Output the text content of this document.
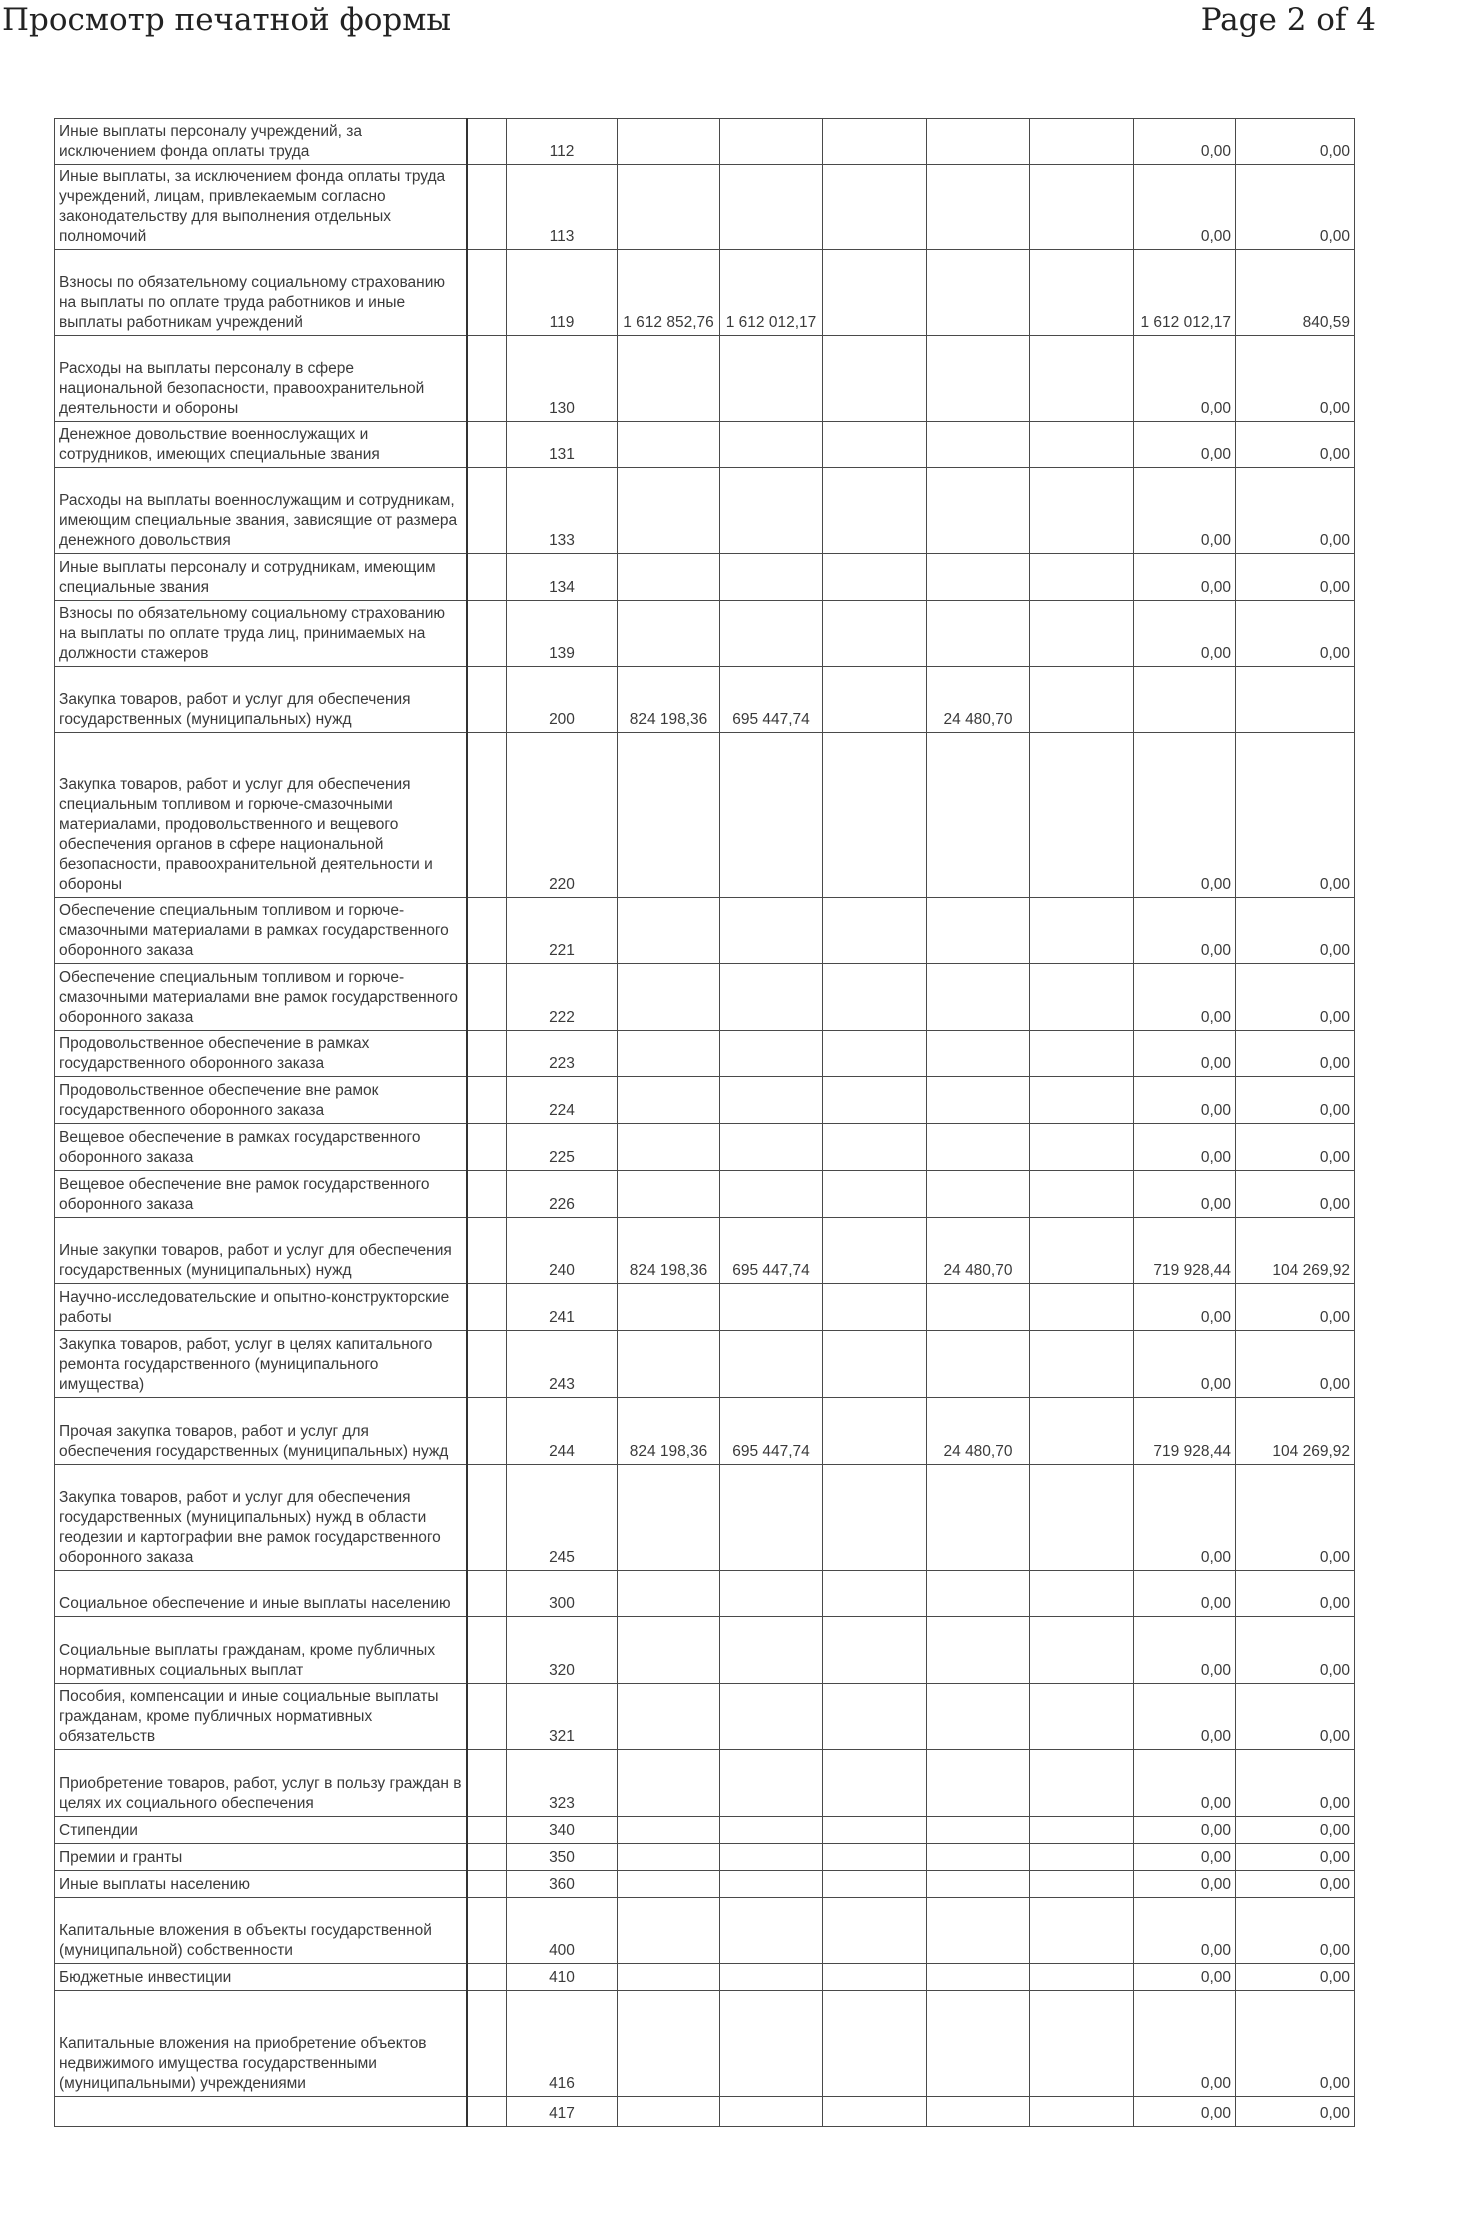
Просмотр печатной формы	Page 2 of 4
Иные выплаты персоналу учреждений, за исключением фонда оплаты труда		112						0,00	0,00
Иные выплаты, за исключением фонда оплаты труда учреждений, лицам, привлекаемым согласно законодательству для выполнения отдельных полномочий		113						0,00	0,00
Взносы по обязательному социальному страхованию на выплаты по оплате труда работников и иные выплаты работникам учреждений		119	1 612 852,76	1 612 012,17				1 612 012,17	840,59
Расходы на выплаты персоналу в сфере национальной безопасности, правоохранительной деятельности и обороны		130						0,00	0,00
Денежное довольствие военнослужащих и сотрудников, имеющих специальные звания		131						0,00	0,00
Расходы на выплаты военнослужащим и сотрудникам, имеющим специальные звания, зависящие от размера денежного довольствия		133						0,00	0,00
Иные выплаты персоналу и сотрудникам, имеющим специальные звания		134						0,00	0,00
Взносы по обязательному социальному страхованию на выплаты по оплате труда лиц, принимаемых на должности стажеров		139						0,00	0,00
Закупка товаров, работ и услуг для обеспечения государственных (муниципальных) нужд		200	824 198,36	695 447,74		24 480,70			
Закупка товаров, работ и услуг для обеспечения специальным топливом и горюче-смазочными материалами, продовольственного и вещевого обеспечения органов в сфере национальной безопасности, правоохранительной деятельности и обороны		220						0,00	0,00
Обеспечение специальным топливом и горюче-смазочными материалами в рамках государственного оборонного заказа		221						0,00	0,00
Обеспечение специальным топливом и горюче-смазочными материалами вне рамок государственного оборонного заказа		222						0,00	0,00
Продовольственное обеспечение в рамках государственного оборонного заказа		223						0,00	0,00
Продовольственное обеспечение вне рамок государственного оборонного заказа		224						0,00	0,00
Вещевое обеспечение в рамках государственного оборонного заказа		225						0,00	0,00
Вещевое обеспечение вне рамок государственного оборонного заказа		226						0,00	0,00
Иные закупки товаров, работ и услуг для обеспечения государственных (муниципальных) нужд		240	824 198,36	695 447,74		24 480,70		719 928,44	104 269,92
Научно-исследовательские и опытно-конструкторские работы		241						0,00	0,00
Закупка товаров, работ, услуг в целях капитального ремонта государственного (муниципального имущества)		243						0,00	0,00
Прочая закупка товаров, работ и услуг для обеспечения государственных (муниципальных) нужд		244	824 198,36	695 447,74		24 480,70		719 928,44	104 269,92
Закупка товаров, работ и услуг для обеспечения государственных (муниципальных) нужд в области геодезии и картографии вне рамок государственного оборонного заказа		245						0,00	0,00
Социальное обеспечение и иные выплаты населению		300						0,00	0,00
Социальные выплаты гражданам, кроме публичных нормативных социальных выплат		320						0,00	0,00
Пособия, компенсации и иные социальные выплаты гражданам, кроме публичных нормативных обязательств		321						0,00	0,00
Приобретение товаров, работ, услуг в пользу граждан в целях их социального обеспечения		323						0,00	0,00
Стипендии		340						0,00	0,00
Премии и гранты		350						0,00	0,00
Иные выплаты населению		360						0,00	0,00
Капитальные вложения в объекты государственной (муниципальной) собственности		400						0,00	0,00
Бюджетные инвестиции		410						0,00	0,00
Капитальные вложения на приобретение объектов недвижимого имущества государственными (муниципальными) учреждениями		416						0,00	0,00
		417						0,00	0,00
